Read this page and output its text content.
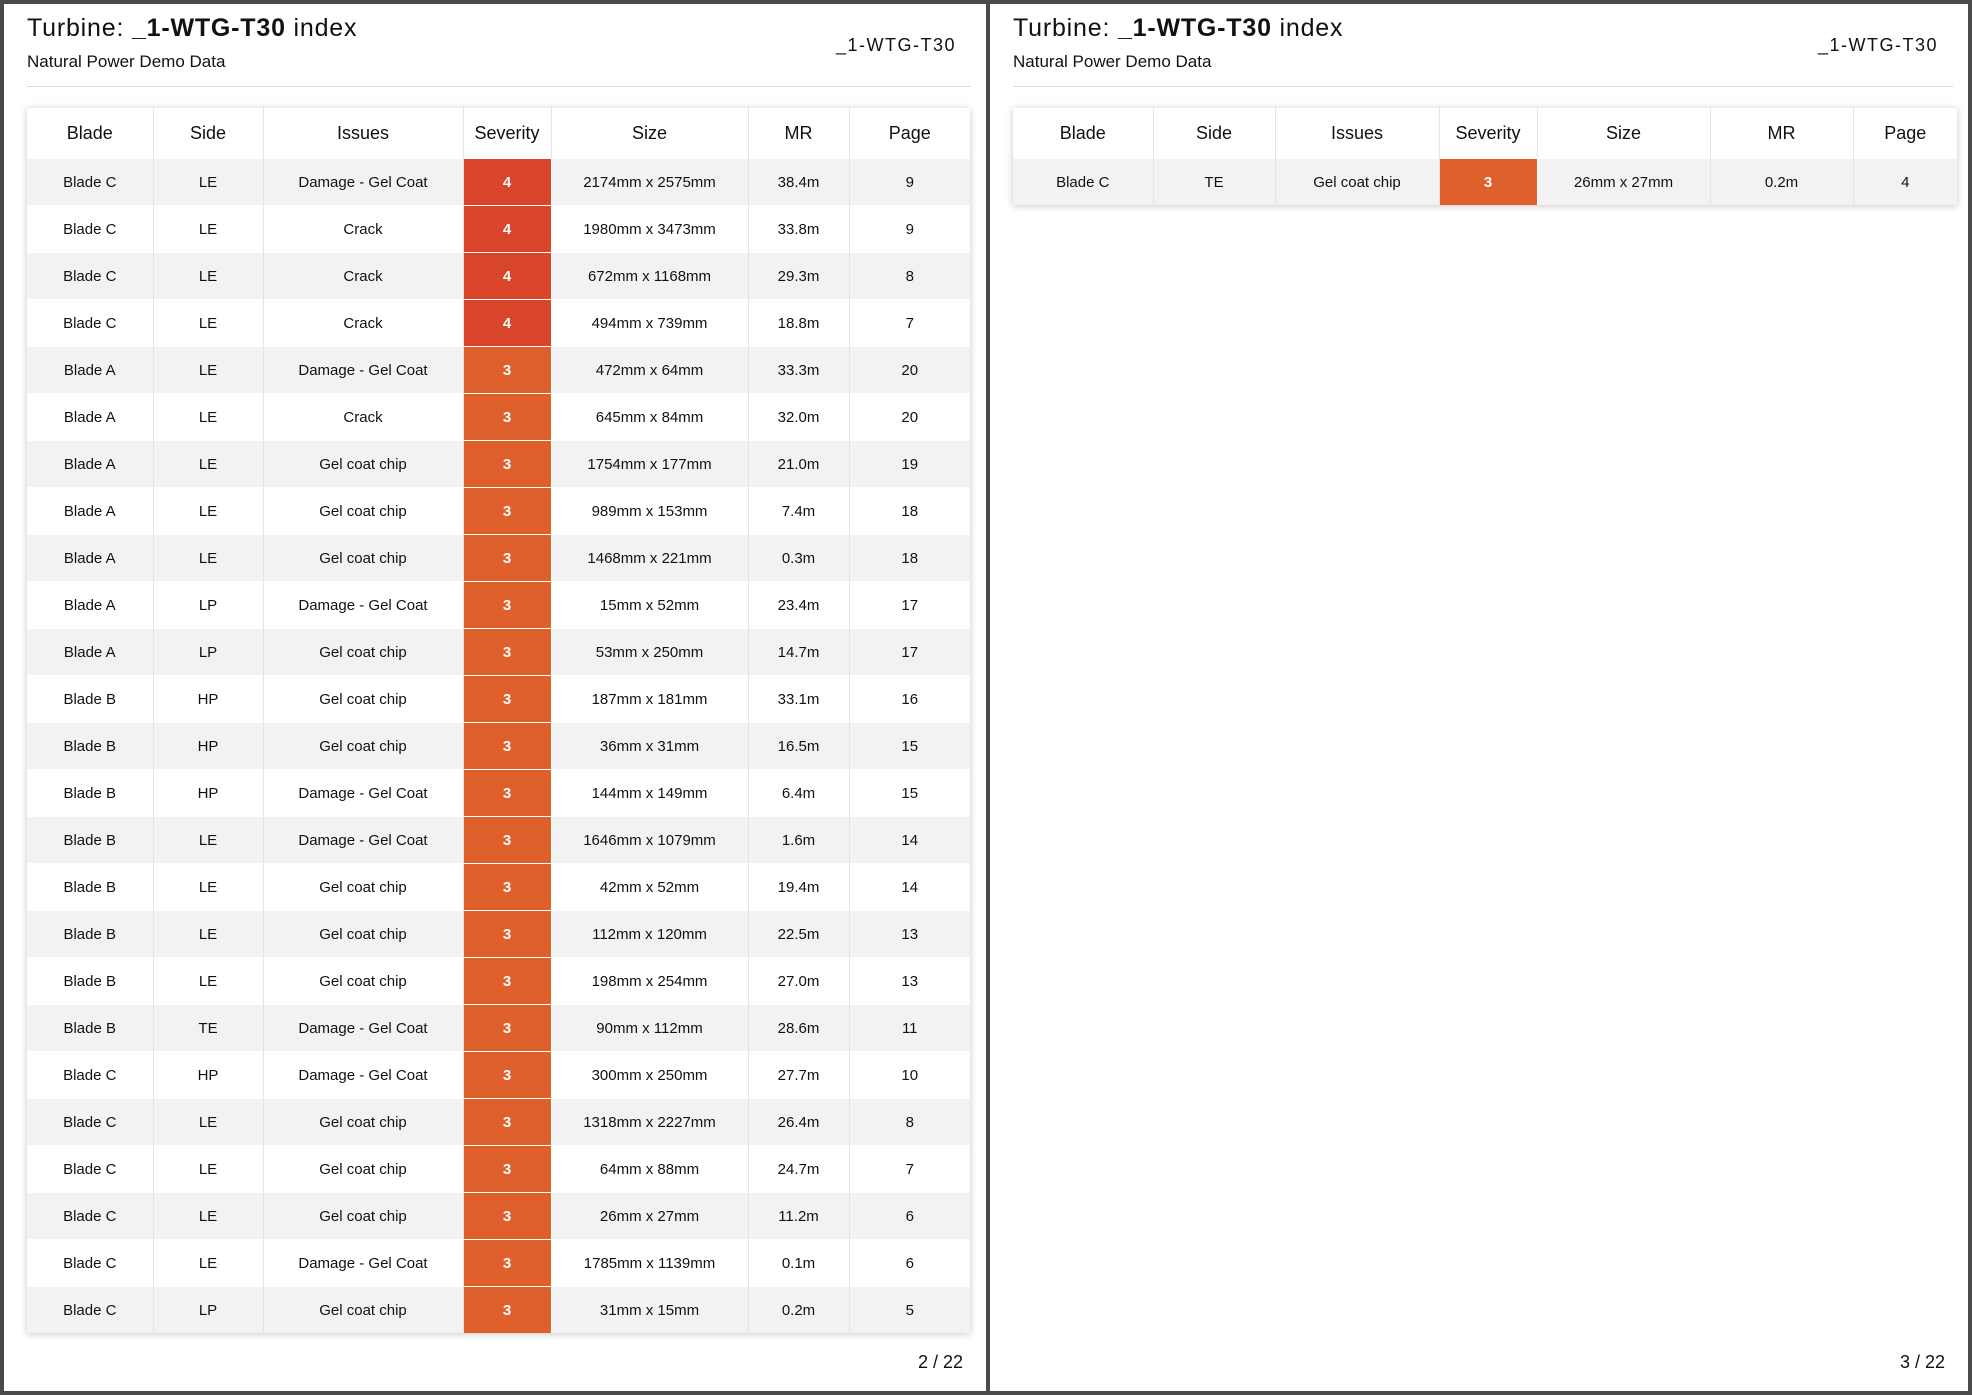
Turbine: _1-WTG-T30 index
Natural Power Demo Data
_1-WTG-T30
Blade	Side	Issues	Severity	Size	MR	Page
Blade C	LE	Damage - Gel Coat	4	2174mm x 2575mm	38.4m	9
Blade C	LE	Crack	4	1980mm x 3473mm	33.8m	9
Blade C	LE	Crack	4	672mm x 1168mm	29.3m	8
Blade C	LE	Crack	4	494mm x 739mm	18.8m	7
Blade A	LE	Damage - Gel Coat	3	472mm x 64mm	33.3m	20
Blade A	LE	Crack	3	645mm x 84mm	32.0m	20
Blade A	LE	Gel coat chip	3	1754mm x 177mm	21.0m	19
Blade A	LE	Gel coat chip	3	989mm x 153mm	7.4m	18
Blade A	LE	Gel coat chip	3	1468mm x 221mm	0.3m	18
Blade A	LP	Damage - Gel Coat	3	15mm x 52mm	23.4m	17
Blade A	LP	Gel coat chip	3	53mm x 250mm	14.7m	17
Blade B	HP	Gel coat chip	3	187mm x 181mm	33.1m	16
Blade B	HP	Gel coat chip	3	36mm x 31mm	16.5m	15
Blade B	HP	Damage - Gel Coat	3	144mm x 149mm	6.4m	15
Blade B	LE	Damage - Gel Coat	3	1646mm x 1079mm	1.6m	14
Blade B	LE	Gel coat chip	3	42mm x 52mm	19.4m	14
Blade B	LE	Gel coat chip	3	112mm x 120mm	22.5m	13
Blade B	LE	Gel coat chip	3	198mm x 254mm	27.0m	13
Blade B	TE	Damage - Gel Coat	3	90mm x 112mm	28.6m	11
Blade C	HP	Damage - Gel Coat	3	300mm x 250mm	27.7m	10
Blade C	LE	Gel coat chip	3	1318mm x 2227mm	26.4m	8
Blade C	LE	Gel coat chip	3	64mm x 88mm	24.7m	7
Blade C	LE	Gel coat chip	3	26mm x 27mm	11.2m	6
Blade C	LE	Damage - Gel Coat	3	1785mm x 1139mm	0.1m	6
Blade C	LP	Gel coat chip	3	31mm x 15mm	0.2m	5
2 / 22
Turbine: _1-WTG-T30 index
Natural Power Demo Data
_1-WTG-T30
Blade	Side	Issues	Severity	Size	MR	Page
Blade C	TE	Gel coat chip	3	26mm x 27mm	0.2m	4
3 / 22
